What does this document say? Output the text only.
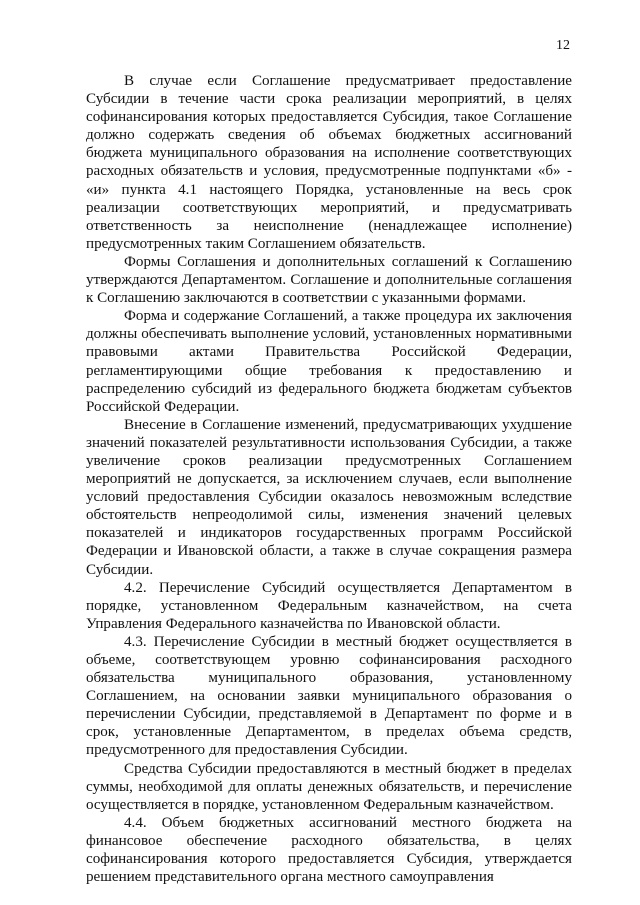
12

В случае если Соглашение предусматривает предоставление Субсидии в течение части срока реализации мероприятий, в целях софинансирования которых предоставляется Субсидия, такое Соглашение должно содержать сведения об объемах бюджетных ассигнований бюджета муниципального образования на исполнение соответствующих расходных обязательств и условия, предусмотренные подпунктами «б» - «и» пункта 4.1 настоящего Порядка, установленные на весь срок реализации соответствующих мероприятий, и предусматривать ответственность за неисполнение (ненадлежащее исполнение) предусмотренных таким Соглашением обязательств.

Формы Соглашения и дополнительных соглашений к Соглашению утверждаются Департаментом. Соглашение и дополнительные соглашения к Соглашению заключаются в соответствии с указанными формами.

Форма и содержание Соглашений, а также процедура их заключения должны обеспечивать выполнение условий, установленных нормативными правовыми актами Правительства Российской Федерации, регламентирующими общие требования к предоставлению и распределению субсидий из федерального бюджета бюджетам субъектов Российской Федерации.

Внесение в Соглашение изменений, предусматривающих ухудшение значений показателей результативности использования Субсидии, а также увеличение сроков реализации предусмотренных Соглашением мероприятий не допускается, за исключением случаев, если выполнение условий предоставления Субсидии оказалось невозможным вследствие обстоятельств непреодолимой силы, изменения значений целевых показателей и индикаторов государственных программ Российской Федерации и Ивановской области, а также в случае сокращения размера Субсидии.

4.2. Перечисление Субсидий осуществляется Департаментом в порядке, установленном Федеральным казначейством, на счета Управления Федерального казначейства по Ивановской области.

4.3. Перечисление Субсидии в местный бюджет осуществляется в объеме, соответствующем уровню софинансирования расходного обязательства муниципального образования, установленному Соглашением, на основании заявки муниципального образования о перечислении Субсидии, представляемой в Департамент по форме и в срок, установленные Департаментом, в пределах объема средств, предусмотренного для предоставления Субсидии.

Средства Субсидии предоставляются в местный бюджет в пределах суммы, необходимой для оплаты денежных обязательств, и перечисление осуществляется в порядке, установленном Федеральным казначейством.

4.4. Объем бюджетных ассигнований местного бюджета на финансовое обеспечение расходного обязательства, в целях софинансирования которого предоставляется Субсидия, утверждается решением представительного органа местного самоуправления
